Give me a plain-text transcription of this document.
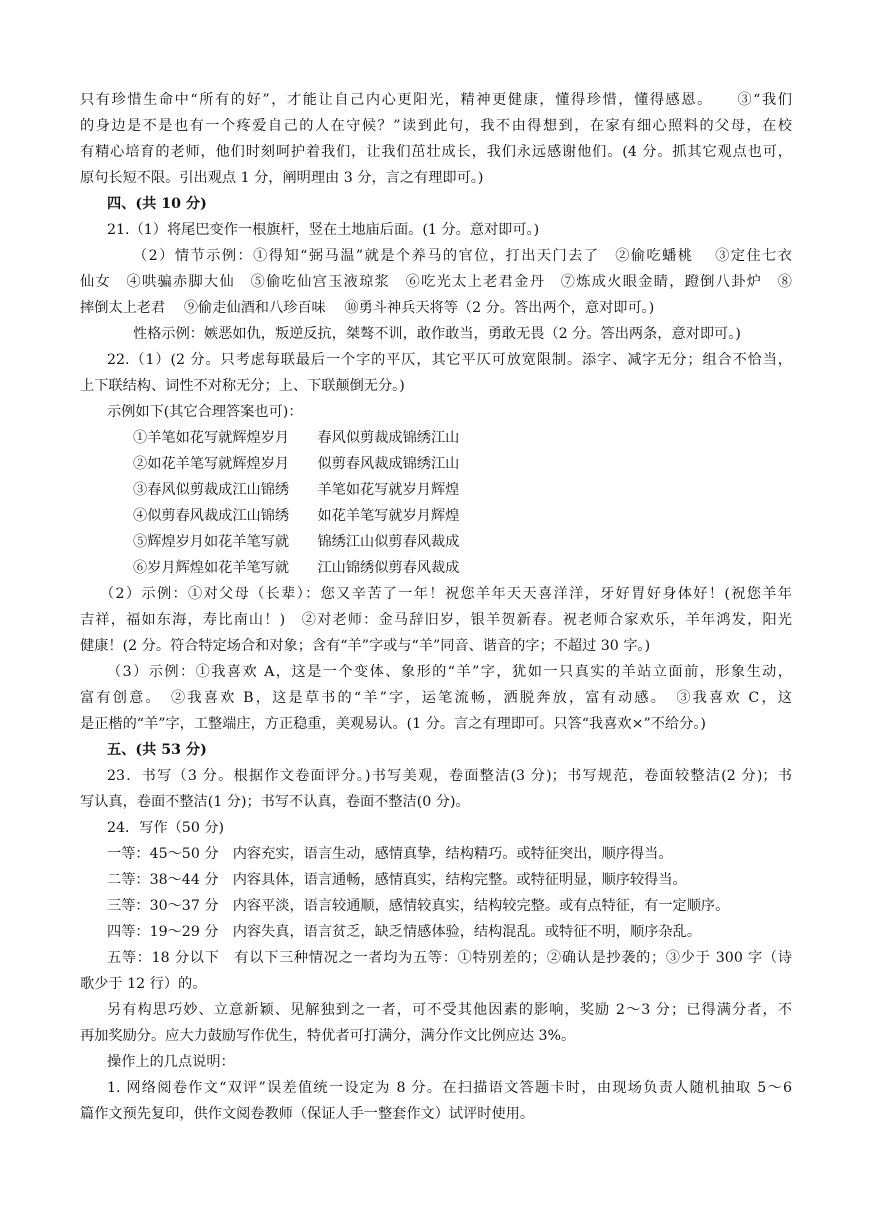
只有珍惜生命中“所有的好”，才能让自己内心更阳光，精神更健康，懂得珍惜，懂得感恩。　　③“我们
的身边是不是也有一个疼爱自己的人在守候？”读到此句，我不由得想到，在家有细心照料的父母，在校
有精心培育的老师，他们时刻呵护着我们，让我们茁壮成长，我们永远感谢他们。(4 分。抓其它观点也可，
原句长短不限。引出观点 1 分，阐明理由 3 分，言之有理即可。)
四、(共 10 分)
21.（1）将尾巴变作一根旗杆，竖在土地庙后面。(1 分。意对即可。)
（2）情节示例：①得知“弼马温”就是个养马的官位，打出天门去了　②偷吃蟠桃　 ③定住七衣
仙女　④哄骗赤脚大仙　⑤偷吃仙宫玉液琼浆　⑥吃光太上老君金丹　⑦炼成火眼金睛，蹬倒八卦炉　⑧
摔倒太上老君　 ⑨偷走仙酒和八珍百味　 ⑩勇斗神兵天将等（2 分。答出两个，意对即可。)
性格示例：嫉恶如仇，叛逆反抗，桀骜不训，敢作敢当，勇敢无畏（2 分。答出两条，意对即可。)
22.（1）(2 分。只考虑每联最后一个字的平仄，其它平仄可放宽限制。添字、减字无分；组合不恰当，
上下联结构、词性不对称无分；上、下联颠倒无分。)
示例如下(其它合理答案也可)：
①羊笔如花写就辉煌岁月　　春风似剪裁成锦绣江山
②如花羊笔写就辉煌岁月　　似剪春风裁成锦绣江山
③春风似剪裁成江山锦绣　　羊笔如花写就岁月辉煌
④似剪春风裁成江山锦绣　　如花羊笔写就岁月辉煌
⑤辉煌岁月如花羊笔写就　　锦绣江山似剪春风裁成
⑥岁月辉煌如花羊笔写就　　江山锦绣似剪春风裁成
（2）示例：①对父母（长辈）：您又辛苦了一年！祝您羊年天天喜洋洋，牙好胃好身体好！(祝您羊年
吉祥，福如东海，寿比南山！)　②对老师：金马辞旧岁，银羊贺新春。祝老师合家欢乐，羊年鸿发，阳光
健康！(2 分。符合特定场合和对象；含有“羊”字或与“羊”同音、谐音的字；不超过 30 字。)
（3）示例：①我喜欢 A，这是一个变体、象形的“羊”字，犹如一只真实的羊站立面前，形象生动，
富有创意。　②我喜欢 B，这是草书的“羊”字，运笔流畅，洒脱奔放，富有动感。　③我喜欢 C，这
是正楷的“羊”字，工整端庄，方正稳重，美观易认。(1 分。言之有理即可。只答“我喜欢×”不给分。)
五、(共 53 分)
23．书写（3 分。根据作文卷面评分。)书写美观，卷面整洁(3 分)；书写规范，卷面较整洁(2 分)；书
写认真，卷面不整洁(1 分)；书写不认真，卷面不整洁(0 分)。
24．写作（50 分)
一等：45～50 分　内容充实，语言生动，感情真挚，结构精巧。或特征突出，顺序得当。
二等：38～44 分　内容具体，语言通畅，感情真实，结构完整。或特征明显，顺序较得当。
三等：30～37 分　内容平淡，语言较通顺，感情较真实，结构较完整。或有点特征，有一定顺序。
四等：19～29 分　内容失真，语言贫乏，缺乏情感体验，结构混乱。或特征不明，顺序杂乱。
五等：18 分以下　有以下三种情况之一者均为五等：①特别差的；②确认是抄袭的；③少于 300 字（诗
歌少于 12 行）的。
另有构思巧妙、立意新颖、见解独到之一者，可不受其他因素的影响，奖励 2～3 分；已得满分者，不
再加奖励分。应大力鼓励写作优生，特优者可打满分，满分作文比例应达 3%。
操作上的几点说明：
1. 网络阅卷作文“双评”误差值统一设定为 8 分。在扫描语文答题卡时，由现场负责人随机抽取 5～6
篇作文预先复印，供作文阅卷教师（保证人手一整套作文）试评时使用。
